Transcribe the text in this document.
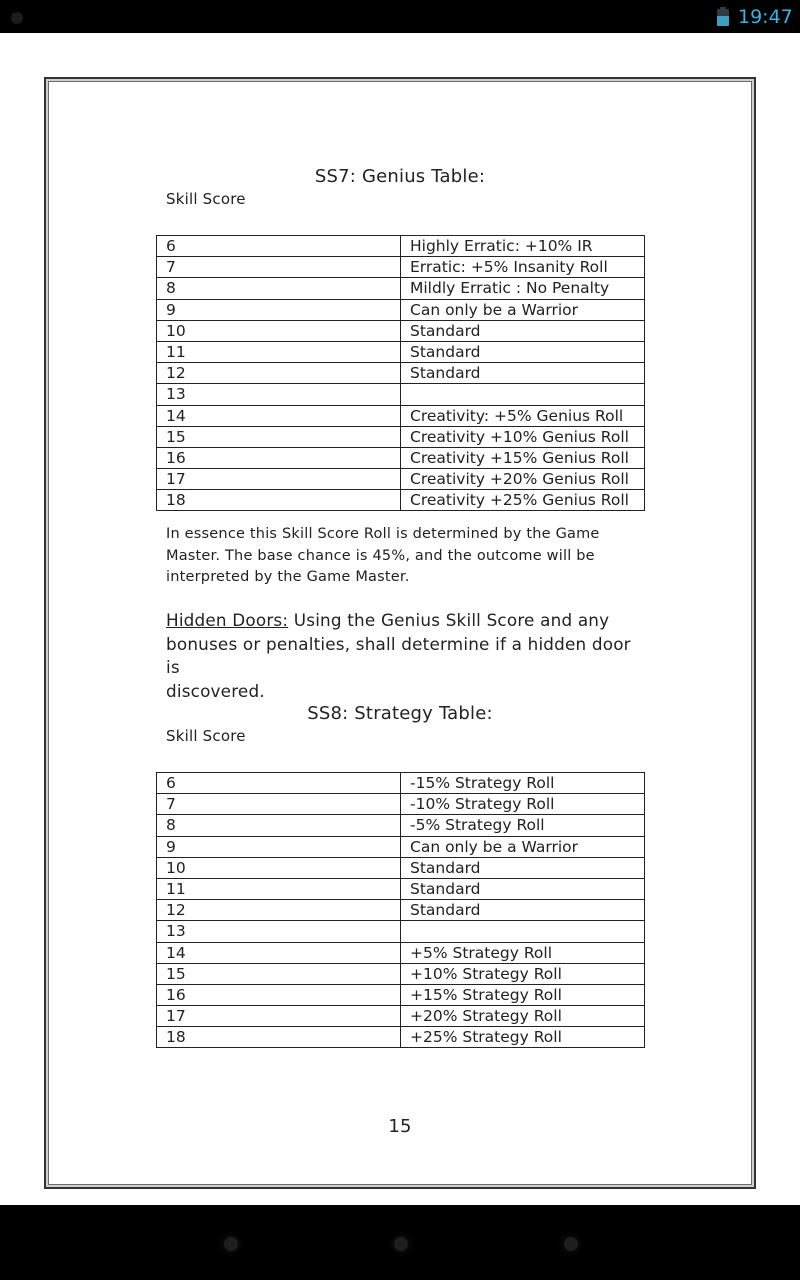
19:47
SS7: Genius Table:
Skill Score
6	Highly Erratic: +10% IR
7	Erratic: +5% Insanity Roll
8	Mildly Erratic : No Penalty
9	Can only be a Warrior
10	Standard
11	Standard
12	Standard
13	
14	Creativity: +5% Genius Roll
15	Creativity +10% Genius Roll
16	Creativity +15% Genius Roll
17	Creativity +20% Genius Roll
18	Creativity +25% Genius Roll
In essence this Skill Score Roll is determined by the Game
Master. The base chance is 45%, and the outcome will be
interpreted by the Game Master.
Hidden Doors: Using the Genius Skill Score and any
bonuses or penalties, shall determine if a hidden door is
discovered.
SS8: Strategy Table:
Skill Score
6	-15% Strategy Roll
7	-10% Strategy Roll
8	-5% Strategy Roll
9	Can only be a Warrior
10	Standard
11	Standard
12	Standard
13	
14	+5% Strategy Roll
15	+10% Strategy Roll
16	+15% Strategy Roll
17	+20% Strategy Roll
18	+25% Strategy Roll
15
